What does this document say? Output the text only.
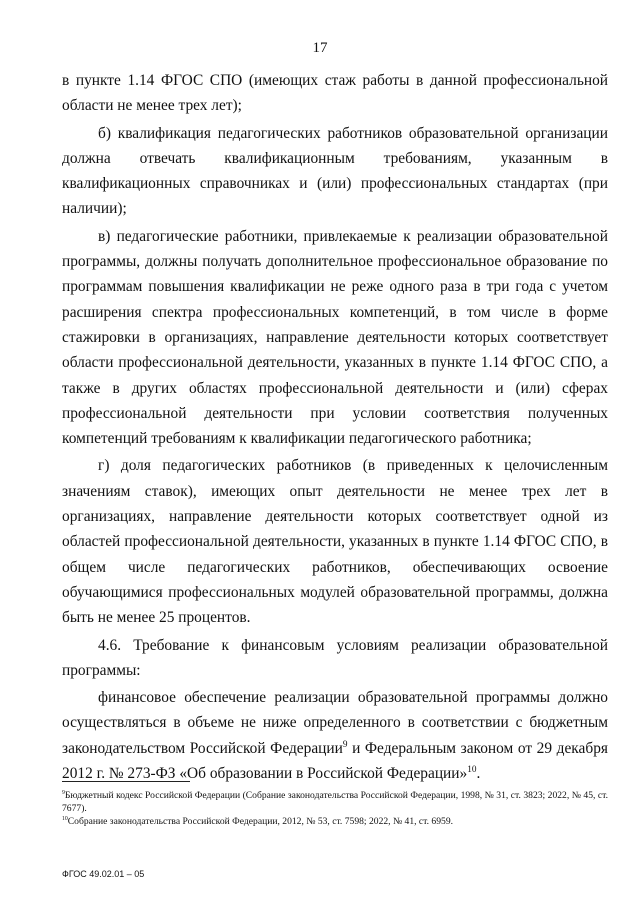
17

в пункте 1.14 ФГОС СПО (имеющих стаж работы в данной профессиональной области не менее трех лет);

б) квалификация педагогических работников образовательной организации должна отвечать квалификационным требованиям, указанным в квалификационных справочниках и (или) профессиональных стандартах (при наличии);

в) педагогические работники, привлекаемые к реализации образовательной программы, должны получать дополнительное профессиональное образование по программам повышения квалификации не реже одного раза в три года с учетом расширения спектра профессиональных компетенций, в том числе в форме стажировки в организациях, направление деятельности которых соответствует области профессиональной деятельности, указанных в пункте 1.14 ФГОС СПО, а также в других областях профессиональной деятельности и (или) сферах профессиональной деятельности при условии соответствия полученных компетенций требованиям к квалификации педагогического работника;

г) доля педагогических работников (в приведенных к целочисленным значениям ставок), имеющих опыт деятельности не менее трех лет в организациях, направление деятельности которых соответствует одной из областей профессиональной деятельности, указанных в пункте 1.14 ФГОС СПО, в общем числе педагогических работников, обеспечивающих освоение обучающимися профессиональных модулей образовательной программы, должна быть не менее 25 процентов.

4.6. Требование к финансовым условиям реализации образовательной программы:

финансовое обеспечение реализации образовательной программы должно осуществляться в объеме не ниже определенного в соответствии с бюджетным законодательством Российской Федерации$^9$ и Федеральным законом от 29 декабря 2012 г. № 273-ФЗ «Об образовании в Российской Федерации»$^{10}$.

$^9$Бюджетный кодекс Российской Федерации (Собрание законодательства Российской Федерации, 1998, № 31, ст. 3823; 2022, № 45, ст. 7677).

$^{10}$Собрание законодательства Российской Федерации, 2012, № 53, ст. 7598; 2022, № 41, ст. 6959.

ФГОС 49.02.01 – 05
